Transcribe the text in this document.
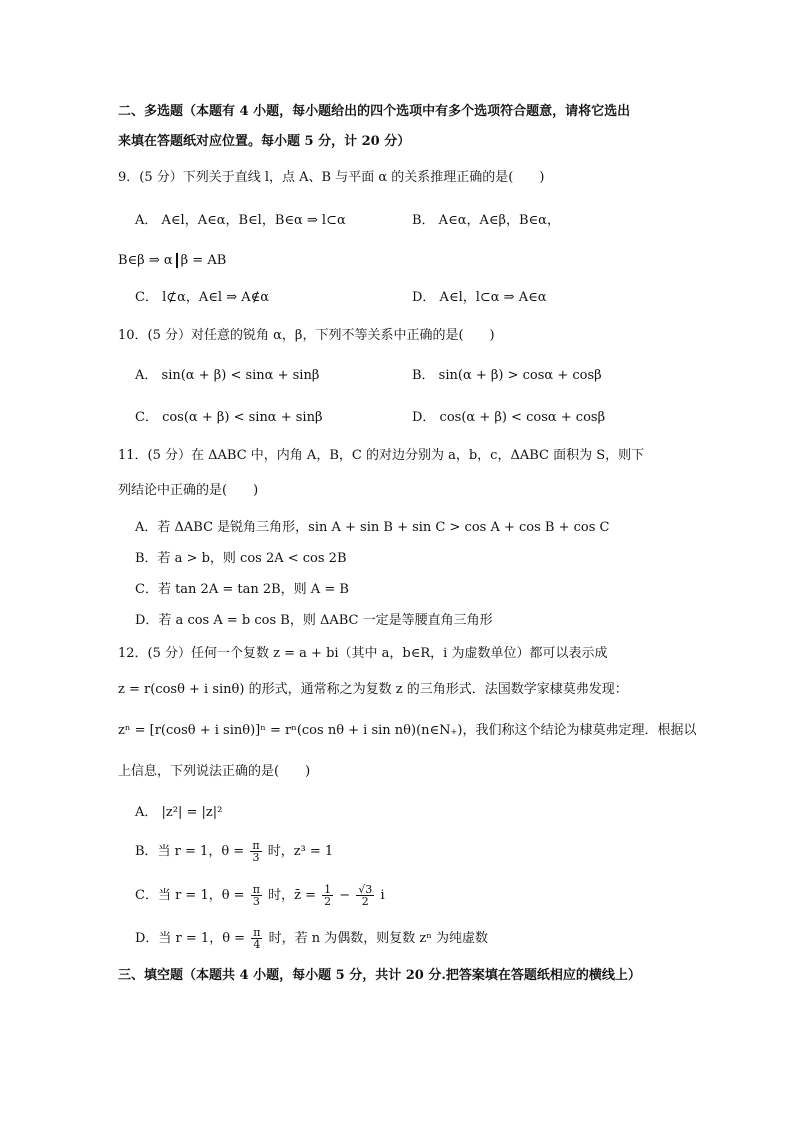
二、多选题（本题有 4 小题，每小题给出的四个选项中有多个选项符合题意，请将它选出
来填在答题纸对应位置。每小题 5 分，计 20 分）
9．(5 分）下列关于直线 l，点 A、B 与平面 α 的关系推理正确的是(　　)
A． A∈l，A∈α，B∈l，B∈α ⇒ l⊂α	B． A∈α，A∈β，B∈α，
B∈β ⇒ α β = AB
C． l⊄α，A∈l ⇒ A∉α	D． A∈l，l⊂α ⇒ A∈α
10．(5 分）对任意的锐角 α，β，下列不等关系中正确的是(　　)
A． sin(α + β) < sinα + sinβ	B． sin(α + β) > cosα + cosβ
C． cos(α + β) < sinα + sinβ	D． cos(α + β) < cosα + cosβ
11．(5 分）在 ΔABC 中，内角 A，B，C 的对边分别为 a，b，c，ΔABC 面积为 S，则下
列结论中正确的是(　　)
A．若 ΔABC 是锐角三角形，sin A + sin B + sin C > cos A + cos B + cos C
B．若 a > b，则 cos 2A < cos 2B
C．若 tan 2A = tan 2B，则 A = B
D．若 a cos A = b cos B，则 ΔABC 一定是等腰直角三角形
12．(5 分）任何一个复数 z = a + bi（其中 a，b∈R，i 为虚数单位）都可以表示成
z = r(cosθ + i sinθ) 的形式，通常称之为复数 z 的三角形式．法国数学家棣莫弗发现：
zⁿ = [r(cosθ + i sinθ)]ⁿ = rⁿ(cos nθ + i sin nθ)(n∈N₊)，我们称这个结论为棣莫弗定理．根据以
上信息，下列说法正确的是(　　)
A． |z²| = |z|²
B．当 r = 1，$\theta = \frac{\pi}{3}$ 时，z³ = 1
C．当 r = 1，$\theta = \frac{\pi}{3}$ 时，z̄ = $\frac{1}{2} - \frac{√3}{2}$ i
D．当 r = 1，$\theta = \frac{\pi}{4}$ 时，若 n 为偶数，则复数 zⁿ 为纯虚数
三、填空题（本题共 4 小题，每小题 5 分，共计 20 分.把答案填在答题纸相应的横线上）
